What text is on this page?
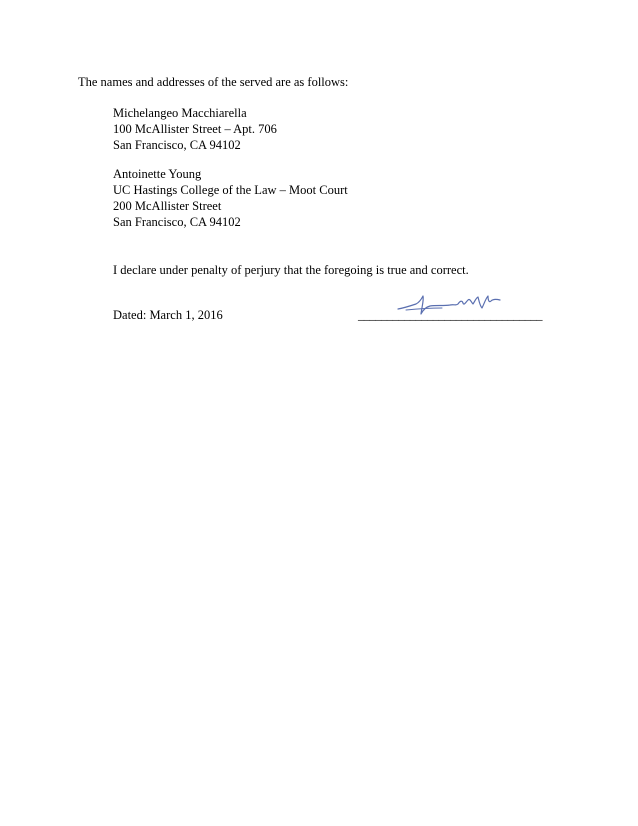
The names and addresses of the served are as follows:
Michelangeo Macchiarella
100 McAllister Street – Apt. 706
San Francisco, CA 94102
Antoinette Young
UC Hastings College of the Law – Moot Court
200 McAllister Street
San Francisco, CA 94102
I declare under penalty of perjury that the foregoing is true and correct.
Dated: March 1, 2016	________________________________
